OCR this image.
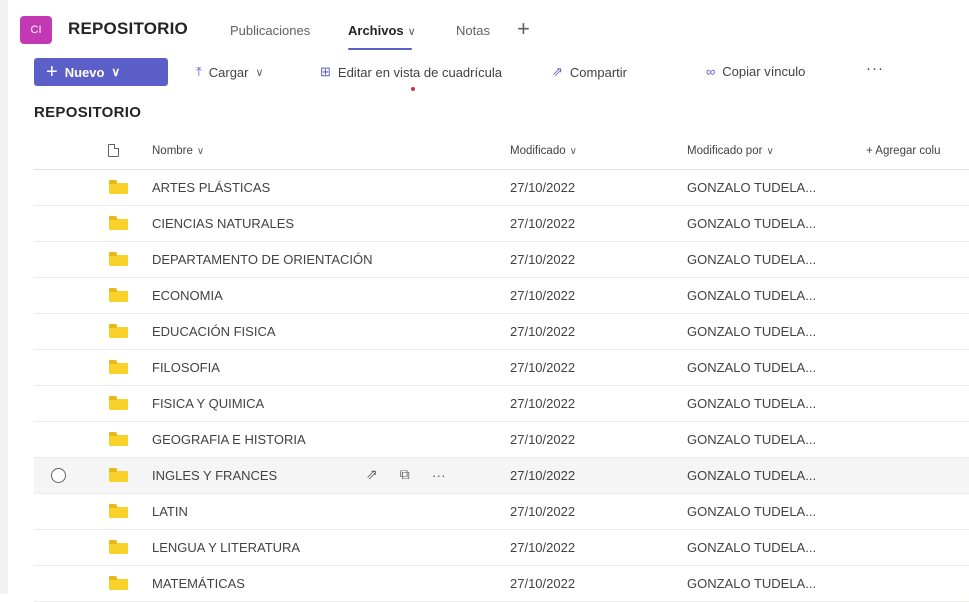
CI	REPOSITORIO	Publicaciones	Archivos ∨	Notas +
+ Nuevo ∨	⤒ Cargar ∨	⊞ Editar en vista de cuadrícula	⇗ Compartir	∞ Copiar vínculo	···
REPOSITORIO
Nombre ∨	Modificado ∨	Modificado por ∨	+ Agregar colu
ARTES PLÁSTICAS	27/10/2022	GONZALO TUDELA...
CIENCIAS NATURALES	27/10/2022	GONZALO TUDELA...
DEPARTAMENTO DE ORIENTACIÓN	27/10/2022	GONZALO TUDELA...
ECONOMIA	27/10/2022	GONZALO TUDELA...
EDUCACIÓN FISICA	27/10/2022	GONZALO TUDELA...
FILOSOFIA	27/10/2022	GONZALO TUDELA...
FISICA Y QUIMICA	27/10/2022	GONZALO TUDELA...
GEOGRAFIA E HISTORIA	27/10/2022	GONZALO TUDELA...
INGLES Y FRANCES	⇗ ⧉ ···	27/10/2022	GONZALO TUDELA...
LATIN	27/10/2022	GONZALO TUDELA...
LENGUA Y LITERATURA	27/10/2022	GONZALO TUDELA...
MATEMÁTICAS	27/10/2022	GONZALO TUDELA...
